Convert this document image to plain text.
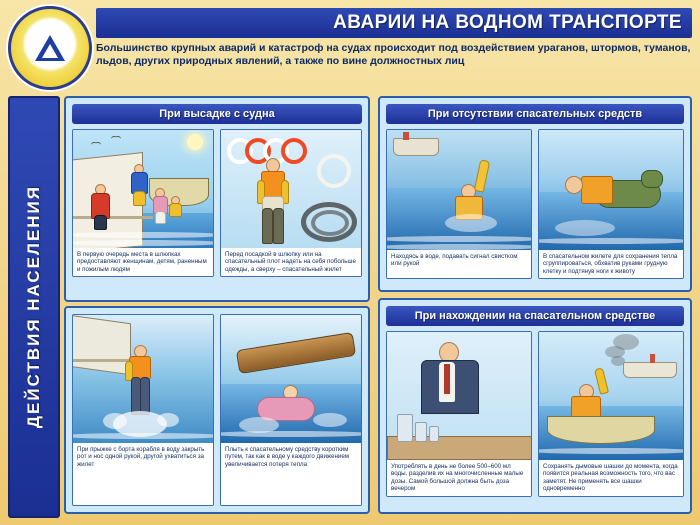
АВАРИИ НА ВОДНОМ ТРАНСПОРТЕ
Большинство крупных аварий и катастроф на судах происходит под воздействием ураганов, штормов, туманов, льдов, других природных явлений, а также по вине должностных лиц
ДЕЙСТВИЯ НАСЕЛЕНИЯ
При высадке с судна
В первую очередь места в шлюпках предоставляют женщинам, детям, раненным и пожилым людям
Перед посадкой в шлюпку или на спасательный плот надеть на себя побольше одежды, а сверху – спасательный жилет
При прыжке с борта корабля в воду закрыть рот и нос одной рукой, другой ухватиться за жилет
Плыть к спасательному средству коротким путем, так как в воде у каждого движением увеличивается потеря тепла
При отсутствии спасательных средств
Находясь в воде, подавать сигнал свистком или рукой
В спасательном жилете для сохранения тепла сгруппироваться, обхватив руками грудную клетку и подтянув ноги к животу
При нахождении на спасательном средстве
Употреблять в день не более 500–600 мл воды, разделив их на многочисленные малые дозы. Самой большой должна быть доза вечером
Сохранять дымовые шашки до момента, когда появится реальная возможность того, что вас заметят. Не применять все шашки одновременно
